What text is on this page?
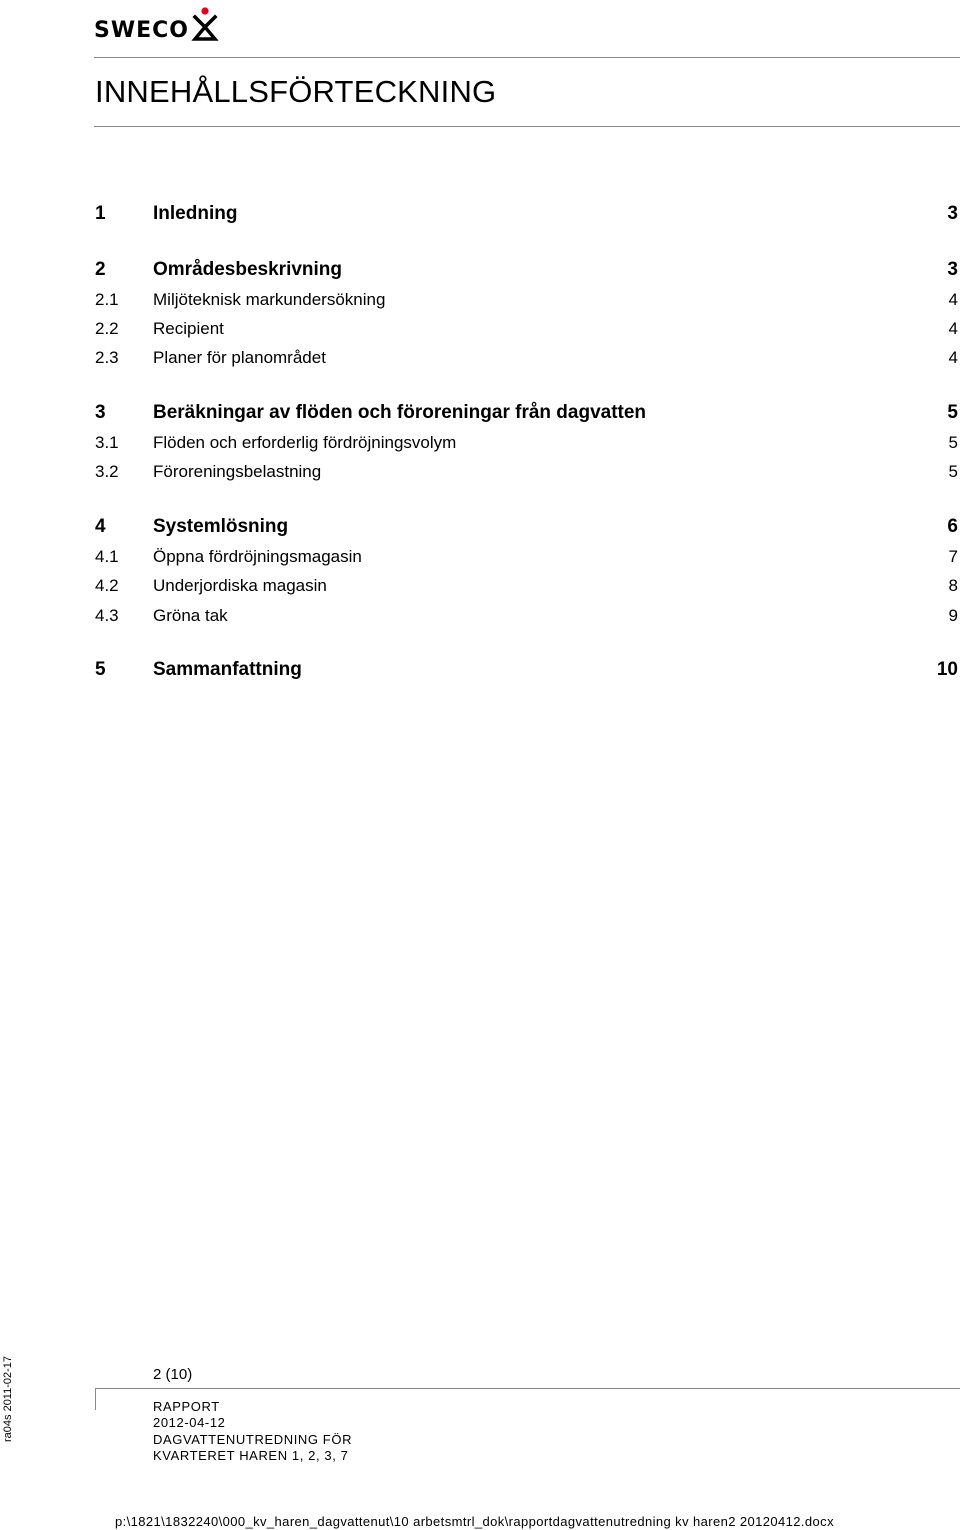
SWECO
INNEHÅLLSFÖRTECKNING
1 Inledning	3
2 Områdesbeskrivning	3
2.1 Miljöteknisk markundersökning	4
2.2 Recipient	4
2.3 Planer för planområdet	4
3 Beräkningar av flöden och föroreningar från dagvatten	5
3.1 Flöden och erforderlig fördröjningsvolym	5
3.2 Föroreningsbelastning	5
4 Systemlösning	6
4.1 Öppna fördröjningsmagasin	7
4.2 Underjordiska magasin	8
4.3 Gröna tak	9
5 Sammanfattning	10
ra04s 2011-02-17	2 (10)
RAPPORT
2012-04-12
DAGVATTENUTREDNING FÖR
KVARTERET HAREN 1, 2, 3, 7
p:\1821\1832240\000_kv_haren_dagvattenut\10 arbetsmtrl_dok\rapportdagvattenutredning kv haren2 20120412.docx
